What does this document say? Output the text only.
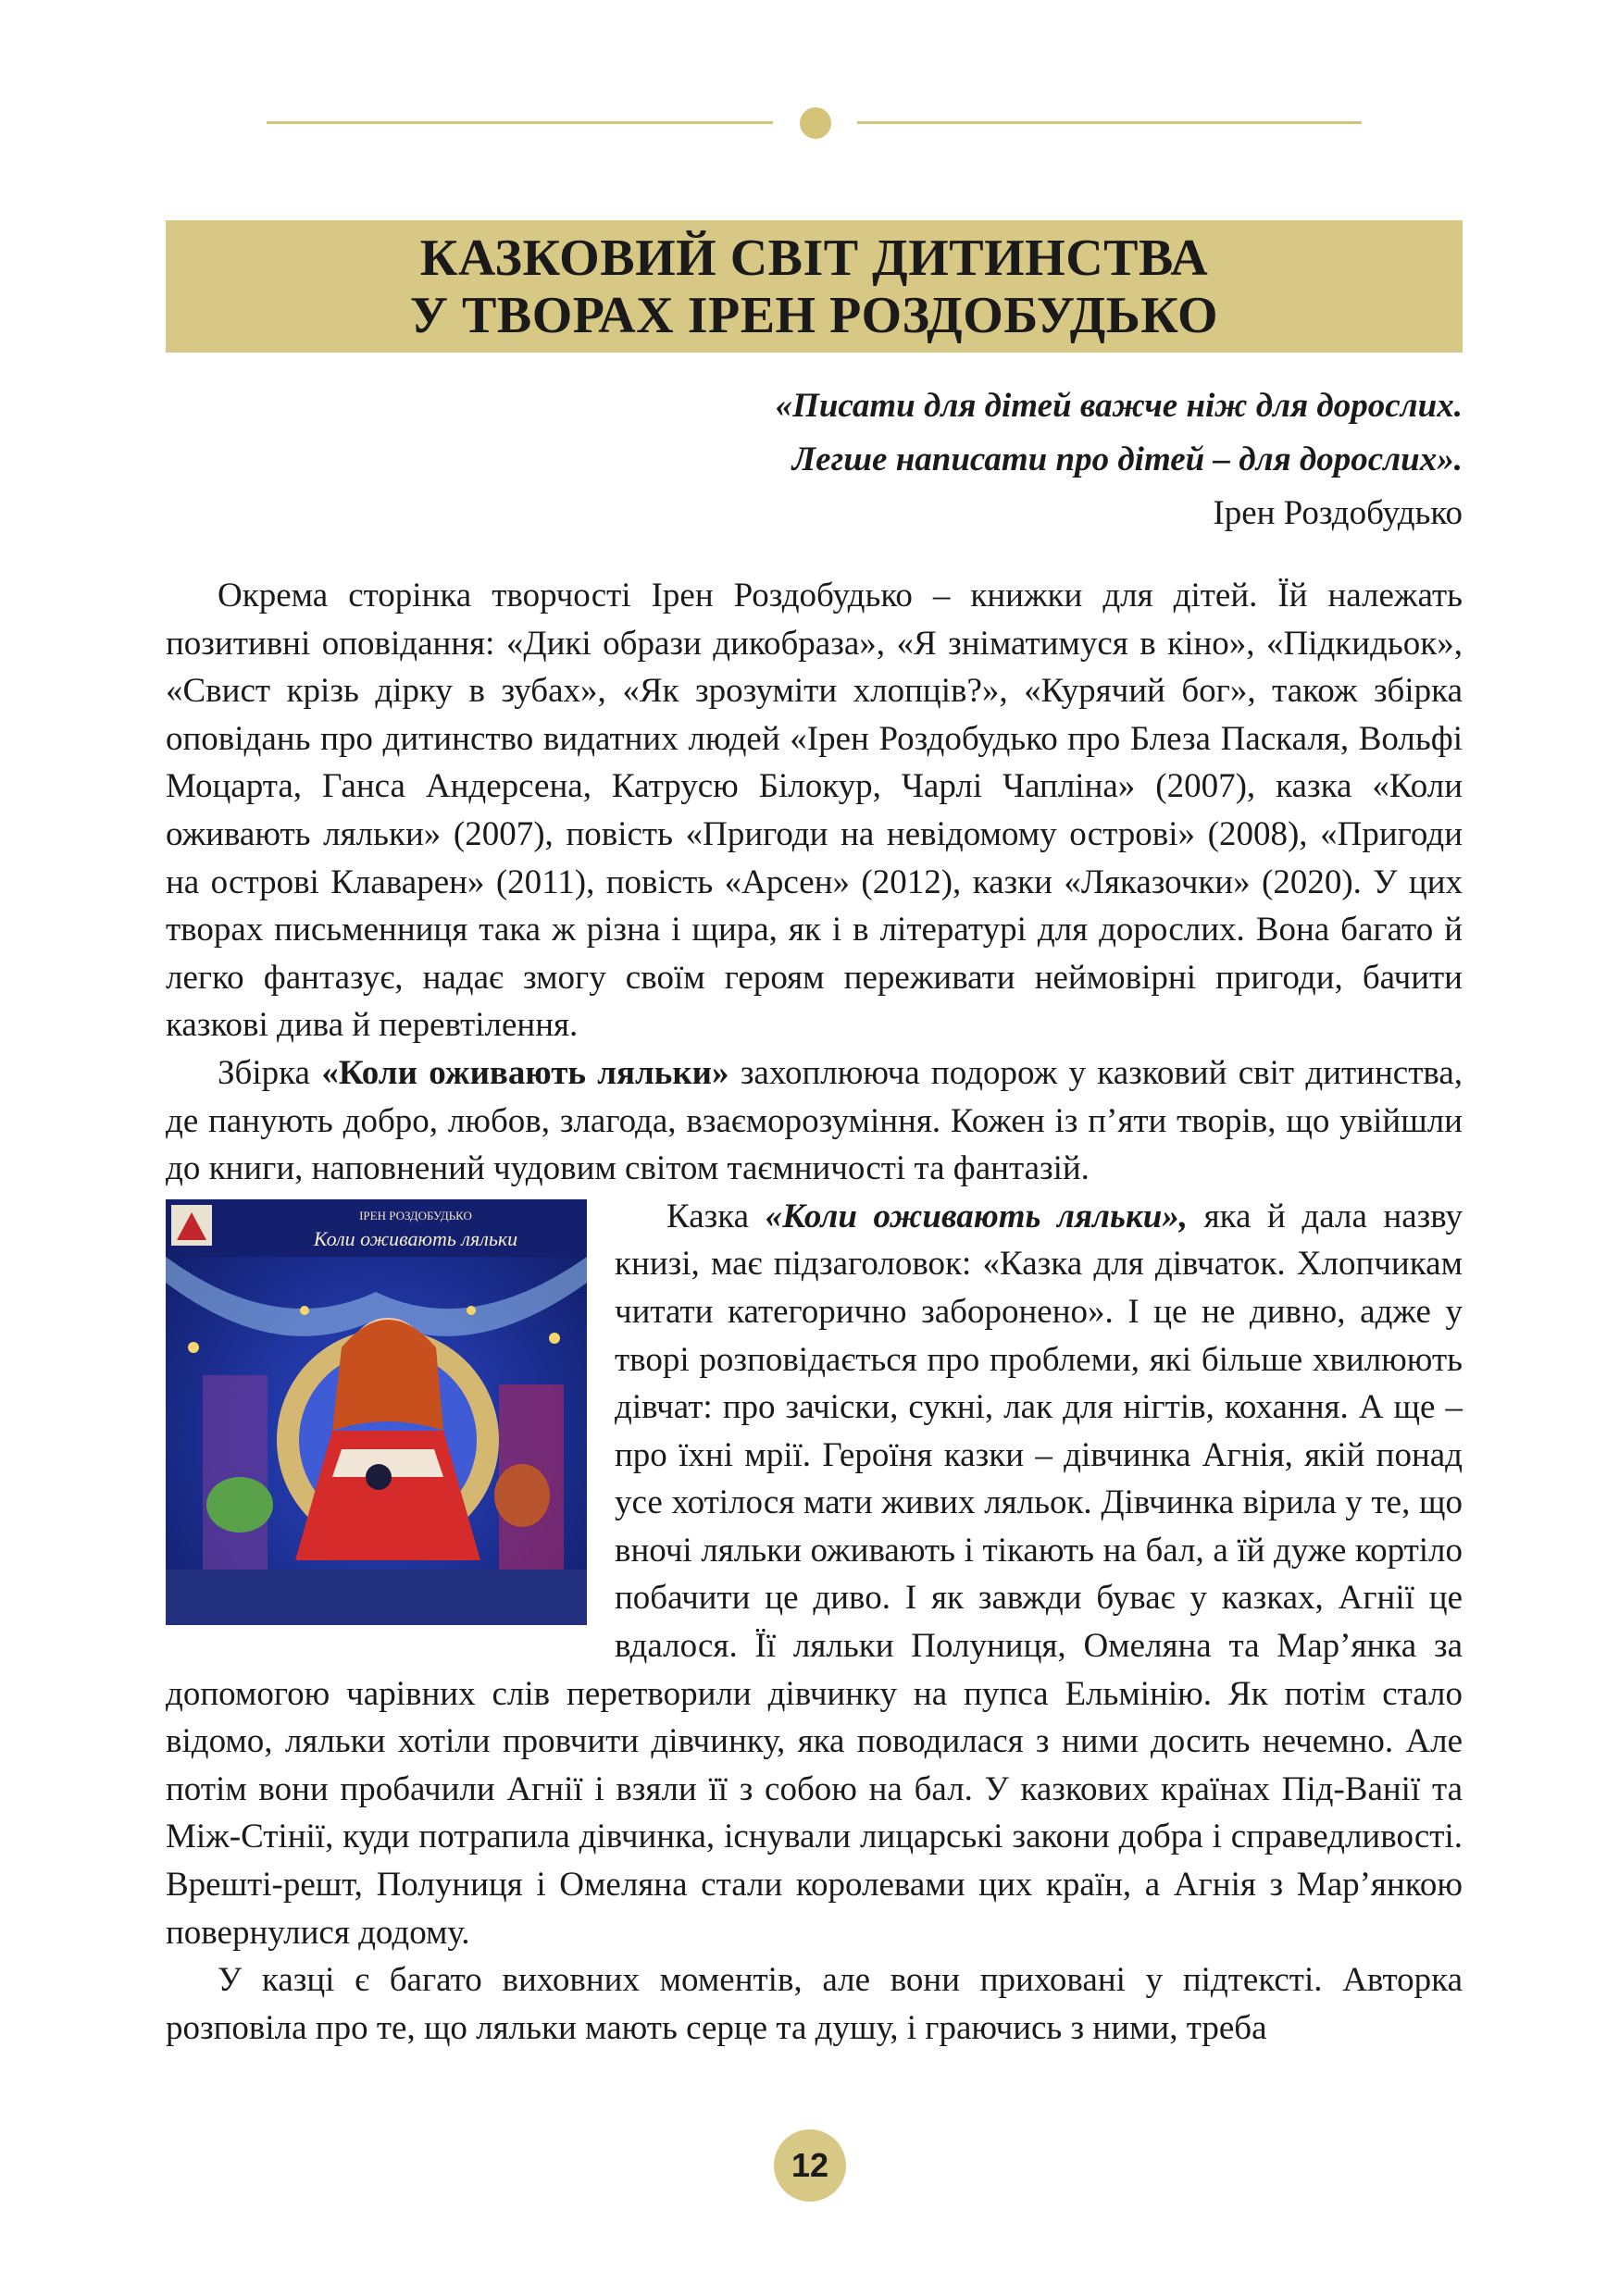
КАЗКОВИЙ СВІТ ДИТИНСТВА
У ТВОРАХ ІРЕН РОЗДОБУДЬКО
«Писати для дітей важче ніж для дорослих.
Легше написати про дітей – для дорослих».
Ірен Роздобудько

Окрема сторінка творчості Ірен Роздобудько – книжки для дітей. Їй належать позитивні оповідання: «Дикі образи дикобраза», «Я зніматимуся в кіно», «Підкидьок», «Свист крізь дірку в зубах», «Як зрозуміти хлопців?», «Курячий бог», також збірка оповідань про дитинство видатних людей «Ірен Роздобудько про Блеза Паскаля, Вольфі Моцарта, Ганса Андерсена, Катрусю Білокур, Чарлі Чапліна» (2007), казка «Коли оживають ляльки» (2007), повість «Пригоди на невідомому острові» (2008), «Пригоди на острові Клаварен» (2011), повість «Арсен» (2012), казки «Ляказочки» (2020). У цих творах письменниця така ж різна і щира, як і в літературі для дорослих. Вона багато й легко фантазує, надає змогу своїм героям переживати неймовірні пригоди, бачити казкові дива й перевтілення.

Збірка «Коли оживають ляльки» захоплююча подорож у казковий світ дитинства, де панують добро, любов, злагода, взаєморозуміння. Кожен із п’яти творів, що увійшли до книги, наповнений чудовим світом таємничості та фантазій.

ІРЕН РОЗДОБУДЬКО
Коли оживають ляльки

Казка «Коли оживають ляльки», яка й дала назву книзі, має підзаголовок: «Казка для дівчаток. Хлопчикам читати категорично заборонено». І це не дивно, адже у творі розповідається про проблеми, які більше хвилюють дівчат: про зачіски, сукні, лак для нігтів, кохання. А ще – про їхні мрії. Героїня казки – дівчинка Агнія, якій понад усе хотілося мати живих ляльок. Дівчинка вірила у те, що вночі ляльки оживають і тікають на бал, а їй дуже кортіло побачити це диво. І як завжди буває у казках, Агнії це вдалося. Її ляльки Полуниця, Омеляна та Мар’янка за допомогою чарівних слів перетворили дівчинку на пупса Ельмінію. Як потім стало відомо, ляльки хотіли провчити дівчинку, яка поводилася з ними досить нечемно. Але потім вони пробачили Агнії і взяли її з собою на бал. У казкових країнах Під-Ванії та Між-Стінії, куди потрапила дівчинка, існували лицарські закони добра і справедливості. Врешті-решт, Полуниця і Омеляна стали королевами цих країн, а Агнія з Мар’янкою повернулися додому.

У казці є багато виховних моментів, але вони приховані у підтексті. Авторка розповіла про те, що ляльки мають серце та душу, і граючись з ними, треба

12
